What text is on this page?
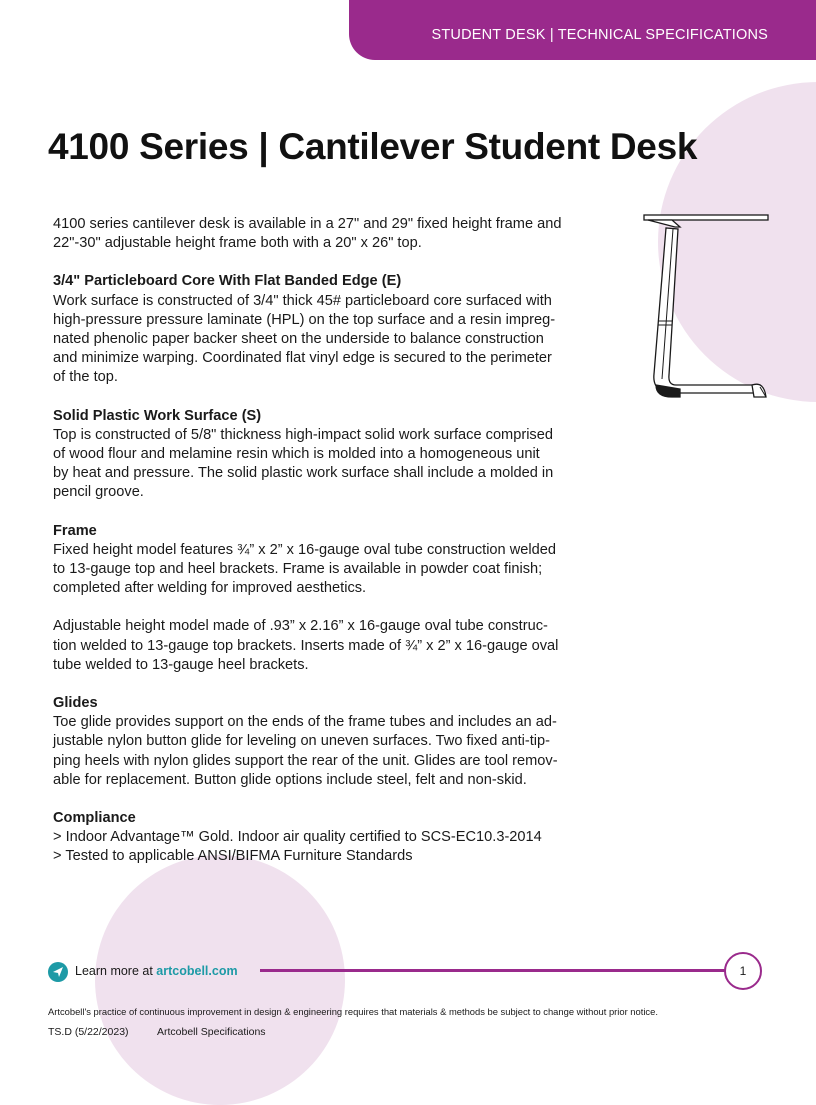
STUDENT DESK | TECHNICAL SPECIFICATIONS
4100 Series | Cantilever Student Desk

4100 series cantilever desk is available in a 27" and 29" fixed height frame and
22"-30" adjustable height frame both with a 20" x 26" top.

3/4" Particleboard Core With Flat Banded Edge (E)
Work surface is constructed of 3/4" thick 45# particleboard core surfaced with
high-pressure pressure laminate (HPL) on the top surface and a resin impreg-
nated phenolic paper backer sheet on the underside to balance construction
and minimize warping. Coordinated flat vinyl edge is secured to the perimeter
of the top.

Solid Plastic Work Surface (S)
Top is constructed of 5/8" thickness high-impact solid work surface comprised
of wood flour and melamine resin which is molded into a homogeneous unit
by heat and pressure. The solid plastic work surface shall include a molded in
pencil groove.

Frame
Fixed height model features ¾” x 2” x 16-gauge oval tube construction welded
to 13-gauge top and heel brackets. Frame is available in powder coat finish;
completed after welding for improved aesthetics.

Adjustable height model made of .93” x 2.16” x 16-gauge oval tube construc-
tion welded to 13-gauge top brackets. Inserts made of ¾” x 2” x 16-gauge oval
tube welded to 13-gauge heel brackets.

Glides
Toe glide provides support on the ends of the frame tubes and includes an ad-
justable nylon button glide for leveling on uneven surfaces. Two fixed anti-tip-
ping heels with nylon glides support the rear of the unit. Glides are tool remov-
able for replacement. Button glide options include steel, felt and non-skid.

Compliance
> Indoor Advantage™ Gold. Indoor air quality certified to SCS-EC10.3-2014
> Tested to applicable ANSI/BIFMA Furniture Standards

Learn more at artcobell.com	1
Artcobell's practice of continuous improvement in design & engineering requires that materials & methods be subject to change without prior notice.
TS.D (5/22/2023)	Artcobell Specifications
